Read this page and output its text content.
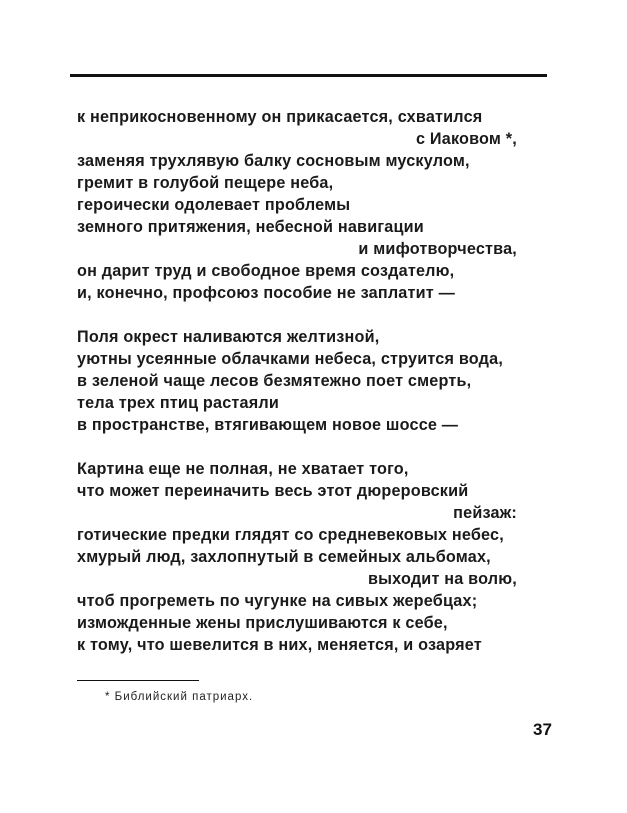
к неприкосновенному он прикасается, схватился
с Иаковом *,
заменяя трухлявую балку сосновым мускулом,
гремит в голубой пещере неба,
героически одолевает проблемы
земного притяжения, небесной навигации
и мифотворчества,
он дарит труд и свободное время создателю,
и, конечно, профсоюз пособие не заплатит —
Поля окрест наливаются желтизной,
уютны усеянные облачками небеса, струится вода,
в зеленой чаще лесов безмятежно поет смерть,
тела трех птиц растаяли
в пространстве, втягивающем новое шоссе —
Картина еще не полная, не хватает того,
что может переиначить весь этот дюреровский
пейзаж:
готические предки глядят со средневековых небес,
хмурый люд, захлопнутый в семейных альбомах,
выходит на волю,
чтоб прогреметь по чугунке на сивых жеребцах;
изможденные жены прислушиваются к себе,
к тому, что шевелится в них, меняется, и озаряет
* Библийский патриарх.
37
